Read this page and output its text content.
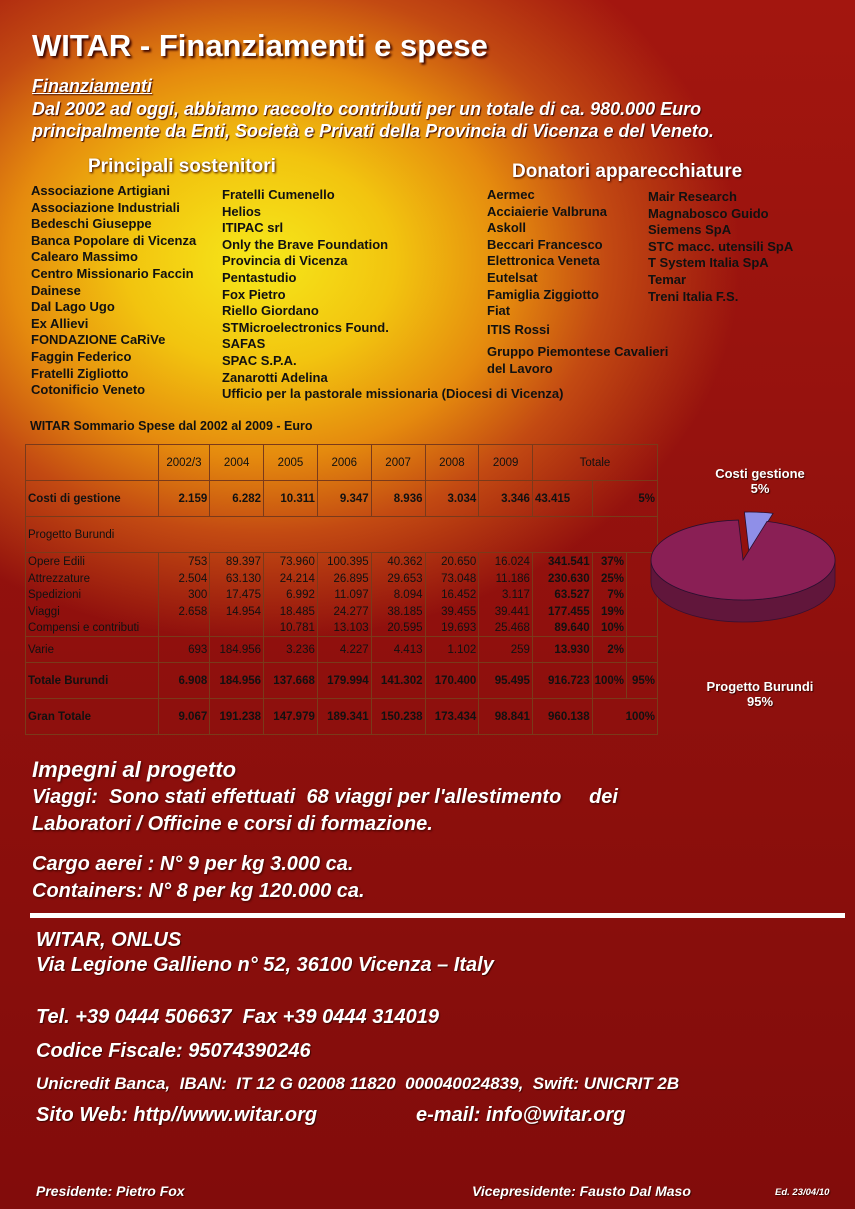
WITAR - Finanziamenti e spese
Finanziamenti
Dal 2002 ad oggi, abbiamo raccolto contributi per un totale di ca. 980.000 Euro principalmente da Enti, Società e Privati della Provincia di Vicenza e del Veneto.
Principali sostenitori
Associazione Artigiani
Associazione Industriali
Bedeschi Giuseppe
Banca Popolare di Vicenza
Calearo Massimo
Centro Missionario Faccin
Dainese
Dal Lago Ugo
Ex Allievi
FONDAZIONE CaRiVe
Faggin Federico
Fratelli Zigliotto
Cotonificio Veneto
Fratelli Cumenello
Helios
ITIPAC srl
Only the Brave Foundation
Provincia di Vicenza
Pentastudio
Fox Pietro
Riello Giordano
STMicroelectronics Found.
SAFAS
SPAC S.P.A.
Zanarotti Adelina
Ufficio per la pastorale missionaria (Diocesi di Vicenza)
Donatori apparecchiature
Aermec
Acciaierie Valbruna
Askoll
Beccari Francesco
Elettronica Veneta
Eutelsat
Famiglia Ziggiotto
Fiat
ITIS Rossi
Gruppo Piemontese Cavalieri
del Lavoro
Mair Research
Magnabosco Guido
Siemens SpA
STC macc. utensili SpA
T System Italia SpA
Temar
Treni Italia F.S.
WITAR Sommario Spese dal 2002 al 2009 - Euro
	2002/3	2004	2005	2006	2007	2008	2009	Totale		
Costi di gestione	2.159	6.282	10.311	9.347	8.936	3.034	3.346	43.415	5%	
Progetto Burundi										
Opere Edili	753	89.397	73.960	100.395	40.362	20.650	16.024	341.541	37%	
Attrezzature	2.504	63.130	24.214	26.895	29.653	73.048	11.186	230.630	25%	
Spedizioni	300	17.475	6.992	11.097	8.094	16.452	3.117	63.527	7%	
Viaggi	2.658	14.954	18.485	24.277	38.185	39.455	39.441	177.455	19%	
Compensi e contributi			10.781	13.103	20.595	19.693	25.468	89.640	10%	
Varie	693	184.956	3.236	4.227	4.413	1.102	259	13.930	2%	
Totale Burundi	6.908	184.956	137.668	179.994	141.302	170.400	95.495	916.723	100%	95%
Gran Totale	9.067	191.238	147.979	189.341	150.238	173.434	98.841	960.138	100%	
Costi gestione
5%
Progetto Burundi
95%
Impegni al progetto
Viaggi:  Sono stati effettuati  68 viaggi per l'allestimento     dei
Laboratori / Officine e corsi di formazione.
Cargo aerei : N° 9 per kg 3.000 ca.
Containers: N° 8 per kg 120.000 ca.
WITAR, ONLUS
Via Legione Gallieno n° 52, 36100 Vicenza – Italy
Tel. +39 0444 506637  Fax +39 0444 314019
Codice Fiscale: 95074390246
Unicredit Banca,  IBAN:  IT 12 G 02008 11820  000040024839,  Swift: UNICRIT 2B
Sito Web: http//www.witar.org	e-mail: info@witar.org
Presidente: Pietro Fox	Vicepresidente: Fausto Dal Maso	Ed. 23/04/10
